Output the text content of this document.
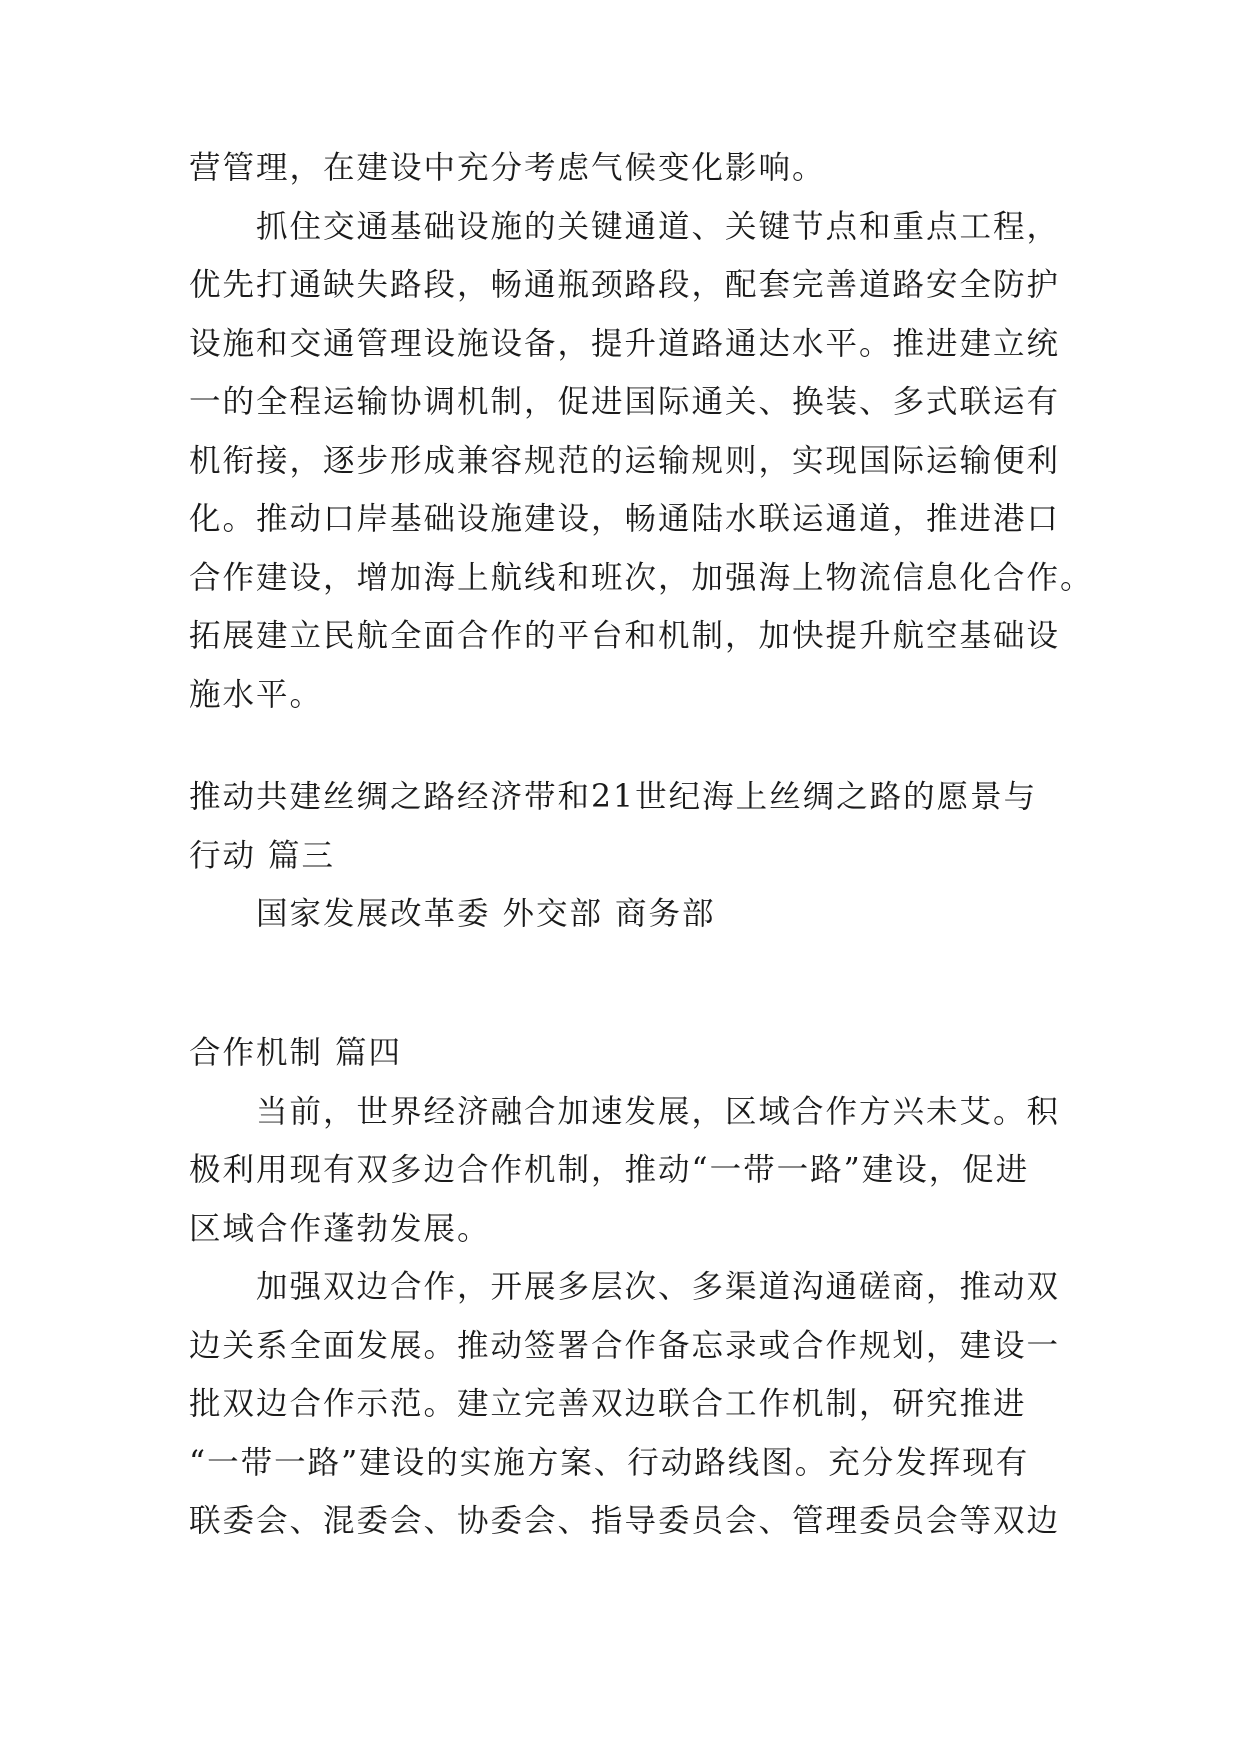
营管理，在建设中充分考虑气候变化影响。
抓住交通基础设施的关键通道、关键节点和重点工程，
优先打通缺失路段，畅通瓶颈路段，配套完善道路安全防护
设施和交通管理设施设备，提升道路通达水平。推进建立统
一的全程运输协调机制，促进国际通关、换装、多式联运有
机衔接，逐步形成兼容规范的运输规则，实现国际运输便利
化。推动口岸基础设施建设，畅通陆水联运通道，推进港口
合作建设，增加海上航线和班次，加强海上物流信息化合作。
拓展建立民航全面合作的平台和机制，加快提升航空基础设
施水平。
推动共建丝绸之路经济带和21世纪海上丝绸之路的愿景与
行动 篇三
国家发展改革委 外交部 商务部
合作机制 篇四
当前，世界经济融合加速发展，区域合作方兴未艾。积
极利用现有双多边合作机制，推动“一带一路”建设，促进
区域合作蓬勃发展。
加强双边合作，开展多层次、多渠道沟通磋商，推动双
边关系全面发展。推动签署合作备忘录或合作规划，建设一
批双边合作示范。建立完善双边联合工作机制，研究推进
“一带一路”建设的实施方案、行动路线图。充分发挥现有
联委会、混委会、协委会、指导委员会、管理委员会等双边
